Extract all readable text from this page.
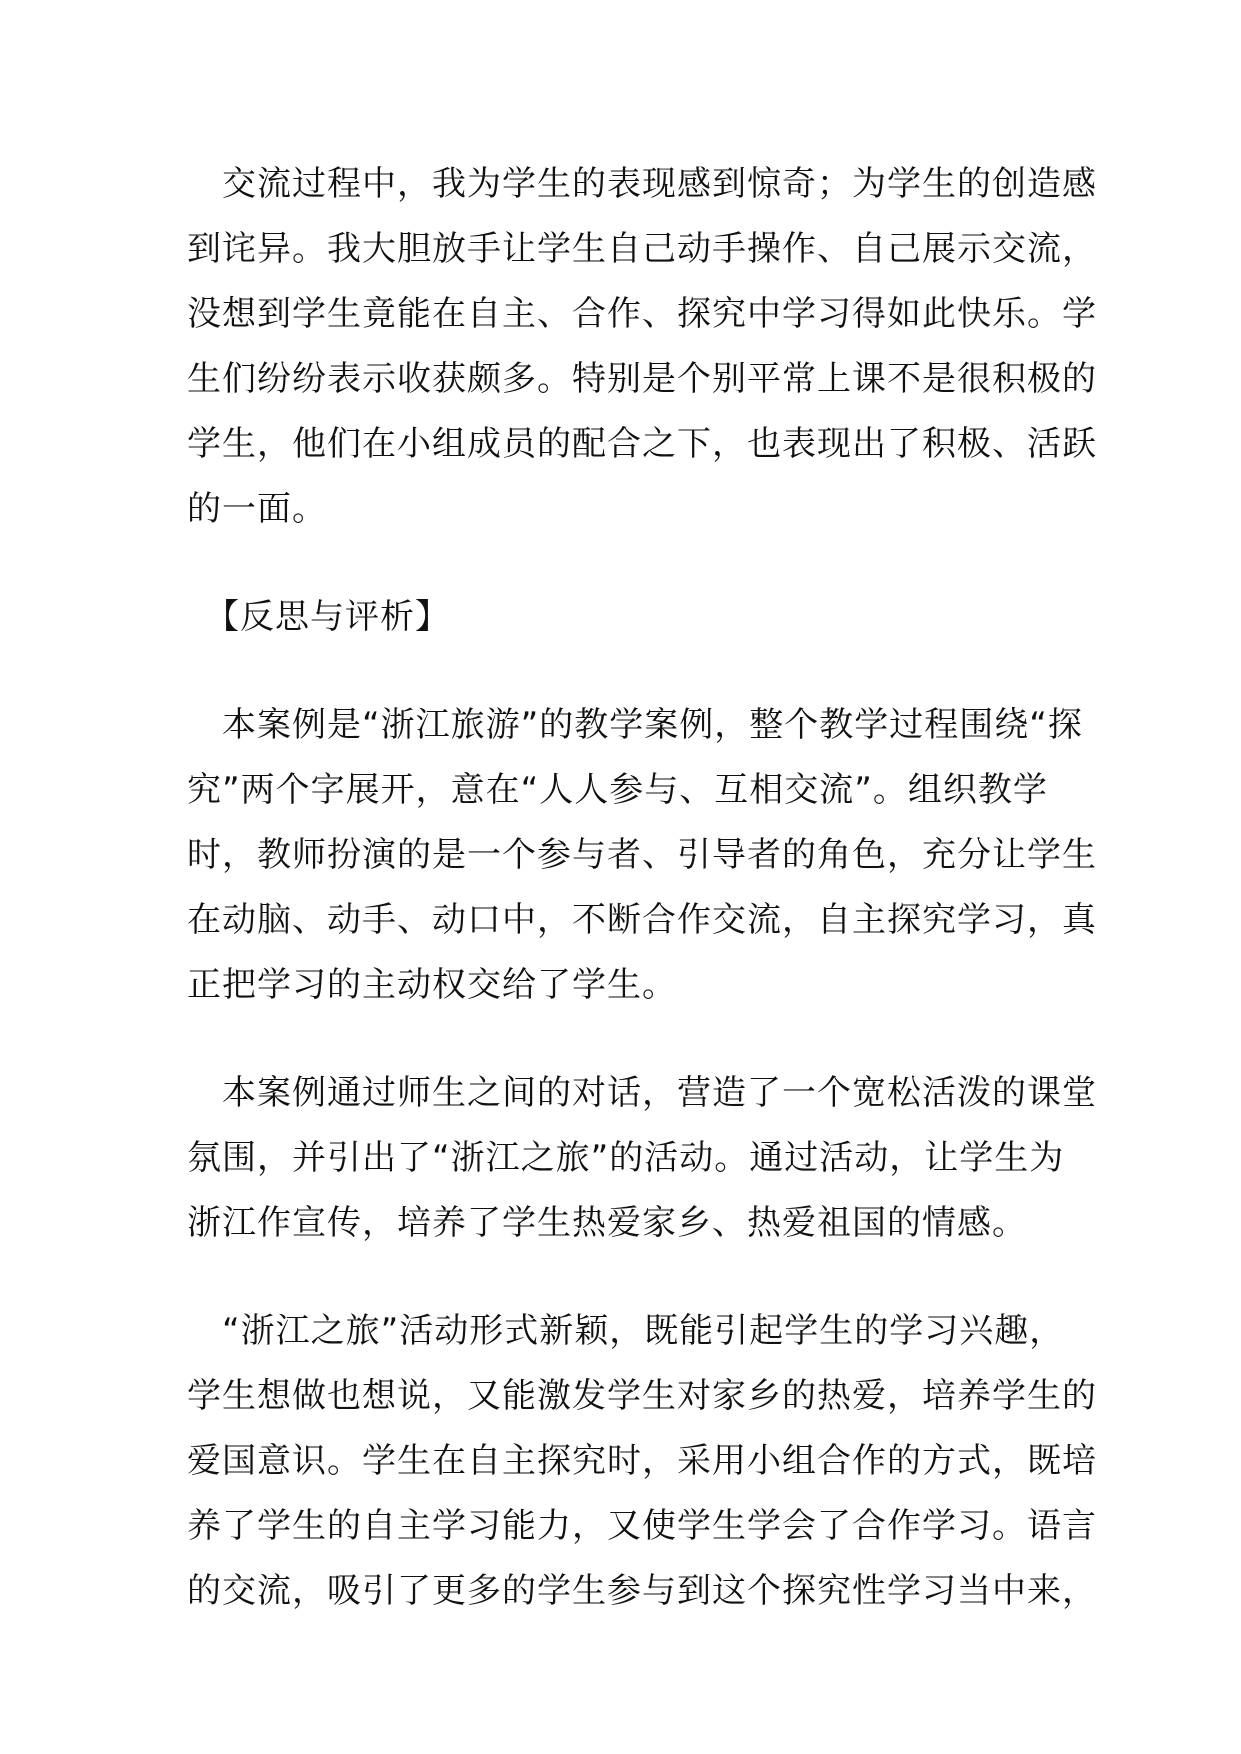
　交流过程中，我为学生的表现感到惊奇；为学生的创造感
到诧异。我大胆放手让学生自己动手操作、自己展示交流，
没想到学生竟能在自主、合作、探究中学习得如此快乐。学
生们纷纷表示收获颇多。特别是个别平常上课不是很积极的
学生，他们在小组成员的配合之下，也表现出了积极、活跃
的一面。
　【反思与评析】
　本案例是“浙江旅游”的教学案例，整个教学过程围绕“探
究”两个字展开，意在“人人参与、互相交流”。组织教学
时，教师扮演的是一个参与者、引导者的角色，充分让学生
在动脑、动手、动口中，不断合作交流，自主探究学习，真
正把学习的主动权交给了学生。
　本案例通过师生之间的对话，营造了一个宽松活泼的课堂
氛围，并引出了“浙江之旅”的活动。通过活动，让学生为
浙江作宣传，培养了学生热爱家乡、热爱祖国的情感。
　“浙江之旅”活动形式新颖，既能引起学生的学习兴趣，
学生想做也想说，又能激发学生对家乡的热爱，培养学生的
爱国意识。学生在自主探究时，采用小组合作的方式，既培
养了学生的自主学习能力，又使学生学会了合作学习。语言
的交流，吸引了更多的学生参与到这个探究性学习当中来，
